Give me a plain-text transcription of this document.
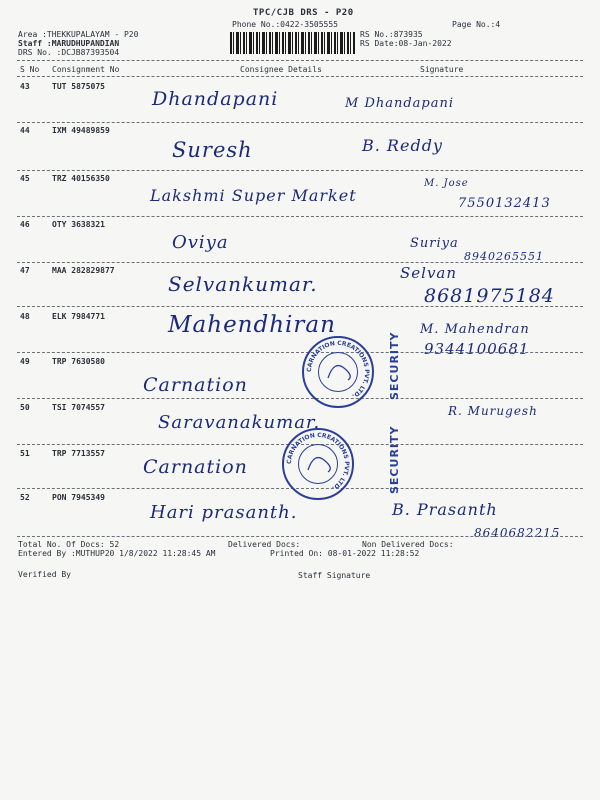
TPC/CJB DRS - P20
Phone No.:0422-3505555
Area :THEKKUPALAYAM - P20
Staff :MARUDHUPANDIAN
DRS No. :DCJB87393504
RS No.:873935
RS Date:08-Jan-2022
Page No.:4
S No Consignment No	Consignee Details	Signature
43	TUT 5875075
Dhandapani	M Dhandapani
44	IXM 49489859
Suresh	B. Reddy
45	TRZ 40156350
Lakshmi Super Market
M. Jose
7550132413
46	OTY 3638321
Oviya	Suriya
8940265551
47	MAA 282829877
Selvankumar.	Selvan
8681975184
48	ELK 7984771	Mahendhiran	M. Mahendran
9344100681
49	TRP 7630580
Carnation
50	TSI 7074557
Saravanakumar.
R. Murugesh
51	TRP 7713557
Carnation
52	PON 7945349
Hari prasanth.	B. Prasanth
8640682215
CARNATION CREATIONS PVT. LTD.	SECURITY
CARNATION CREATIONS PVT. LTD.	SECURITY
Total No. Of Docs: 52	Delivered Docs:	Non Delivered Docs:
Entered By :MUTHUP20 1/8/2022 11:28:45 AM	Printed On: 08-01-2022 11:28:52
Verified By	Staff Signature
